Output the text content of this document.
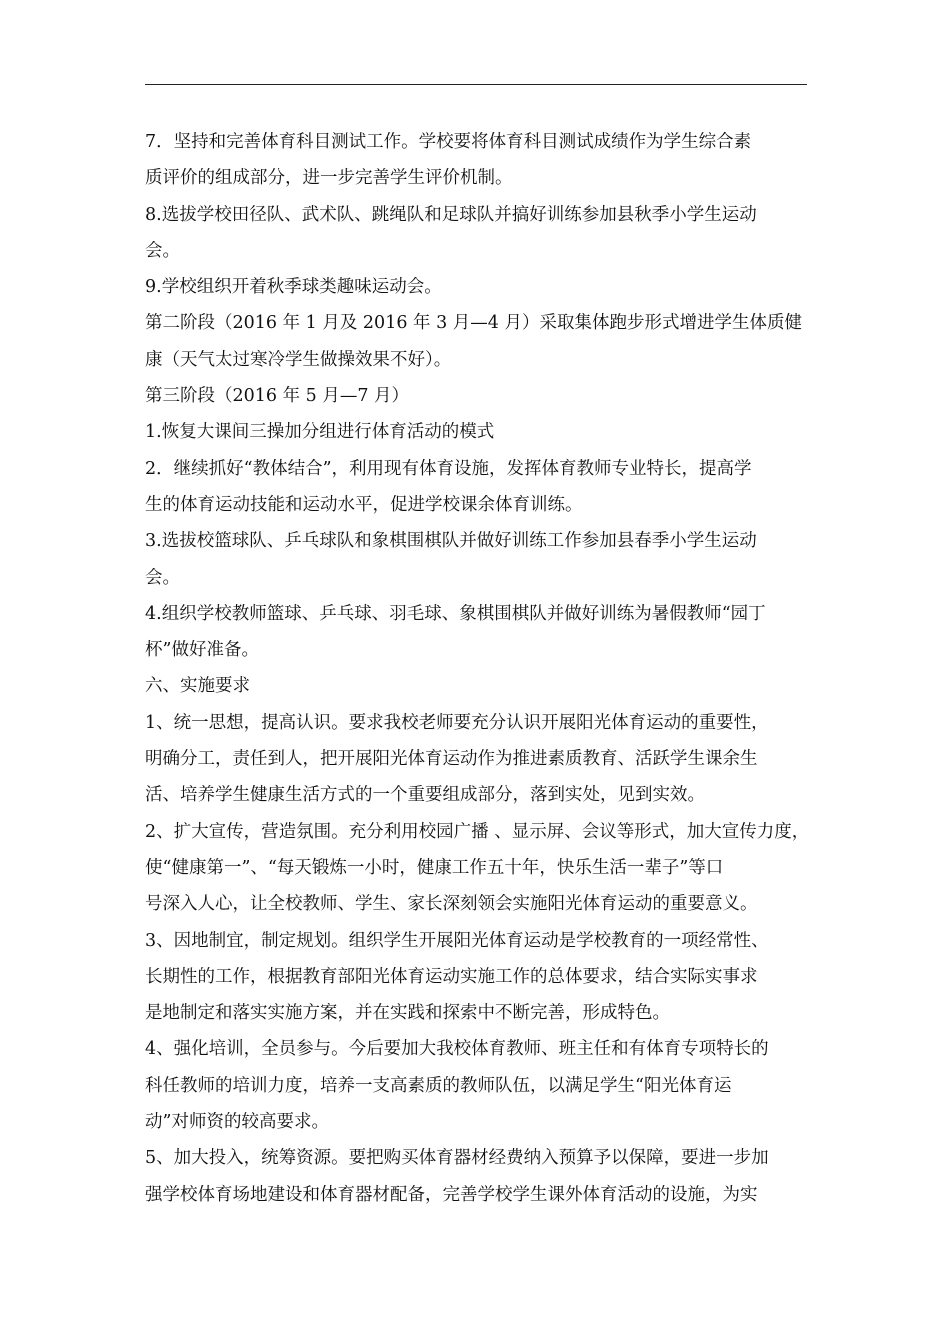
7．坚持和完善体育科目测试工作。学校要将体育科目测试成绩作为学生综合素
质评价的组成部分，进一步完善学生评价机制。
8.选拔学校田径队、武术队、跳绳队和足球队并搞好训练参加县秋季小学生运动
会。
9.学校组织开着秋季球类趣味运动会。
第二阶段（2016 年 1 月及 2016 年 3 月—4 月）采取集体跑步形式增进学生体质健
康（天气太过寒冷学生做操效果不好）。
第三阶段（2016 年 5 月—7 月）
1.恢复大课间三操加分组进行体育活动的模式
2．继续抓好“教体结合”，利用现有体育设施，发挥体育教师专业特长，提高学
生的体育运动技能和运动水平，促进学校课余体育训练。
3.选拔校篮球队、乒乓球队和象棋围棋队并做好训练工作参加县春季小学生运动
会。
4.组织学校教师篮球、乒乓球、羽毛球、象棋围棋队并做好训练为暑假教师“园丁
杯”做好准备。
六、实施要求
1、统一思想，提高认识。要求我校老师要充分认识开展阳光体育运动的重要性，
明确分工，责任到人，把开展阳光体育运动作为推进素质教育、活跃学生课余生
活、培养学生健康生活方式的一个重要组成部分，落到实处，见到实效。
2、扩大宣传，营造氛围。充分利用校园广播 、显示屏、会议等形式，加大宣传力度，
使“健康第一”、“每天锻炼一小时，健康工作五十年，快乐生活一辈子”等口
号深入人心，让全校教师、学生、家长深刻领会实施阳光体育运动的重要意义。
3、因地制宜，制定规划。组织学生开展阳光体育运动是学校教育的一项经常性、
长期性的工作，根据教育部阳光体育运动实施工作的总体要求，结合实际实事求
是地制定和落实实施方案，并在实践和探索中不断完善，形成特色。
4、强化培训，全员参与。今后要加大我校体育教师、班主任和有体育专项特长的
科任教师的培训力度，培养一支高素质的教师队伍，以满足学生“阳光体育运
动”对师资的较高要求。
5、加大投入，统筹资源。要把购买体育器材经费纳入预算予以保障，要进一步加
强学校体育场地建设和体育器材配备，完善学校学生课外体育活动的设施，为实
